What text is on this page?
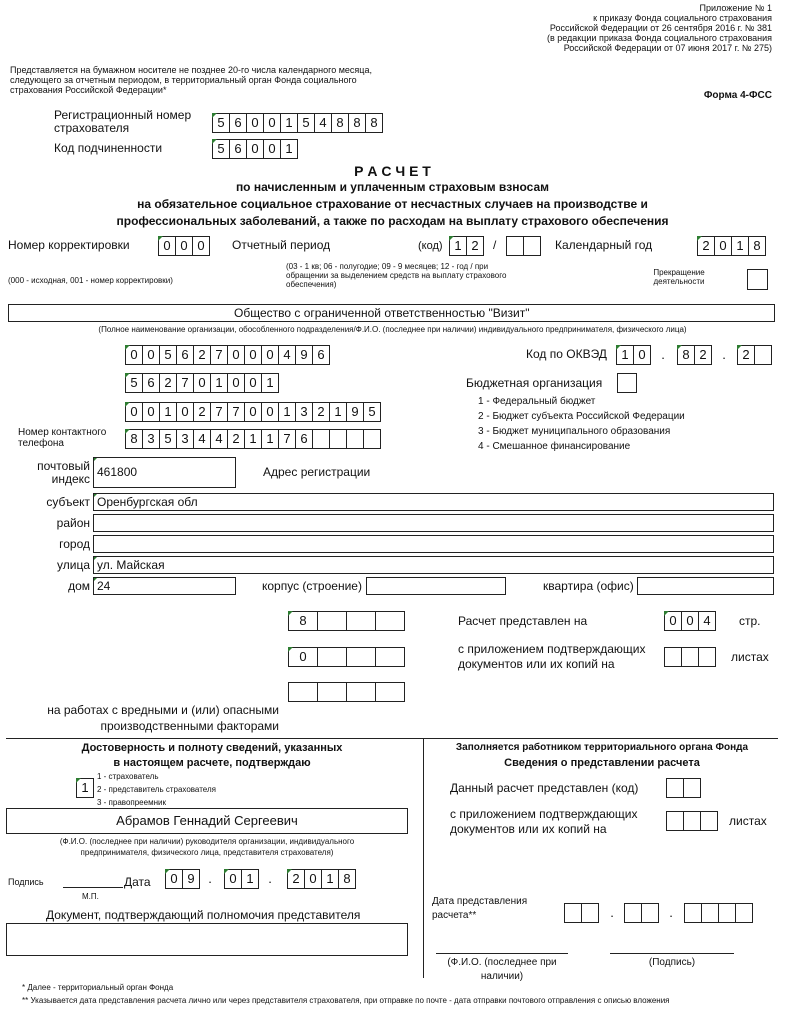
Приложение № 1
к приказу Фонда социального страхования
Российской Федерации от 26 сентября 2016 г. № 381
(в редакции приказа Фонда социального страхования
Российской Федерации от 07 июня 2017 г. № 275)
Представляется на бумажном носителе не позднее 20-го числа календарного месяца,
следующего за отчетным периодом, в территориальный орган Фонда социального
страхования Российской Федерации*	Форма 4-ФСС
Регистрационный номер
страхователя	5 6 0 0 1 5 4 8 8 8
Код подчиненности	5 6 0 0 1
Р А С Ч Е Т
по начисленным и уплаченным страховым взносам
на обязательное социальное страхование от несчастных случаев на производстве и
профессиональных заболеваний, а также по расходам на выплату страхового обеспечения
Номер корректировки	0 0 0
(000 - исходная, 001 - номер корректировки)
Отчетный период	(код) 1 2	/
(03 - 1 кв; 06 - полугодие; 09 - 9 месяцев; 12 - год / при
обращении за выделением средств на выплату страхового
обеспечения)
Календарный год	2 0 1 8
Прекращение
деятельности
Общество с ограниченной ответственностью "Визит"
(Полное наименование организации, обособленного подразделения/Ф.И.О. (последнее при наличии) индивидуального предпринимателя, физического лица)
0 0 5 6 2 7 0 0 0 4 9 6
5 6 2 7 0 1 0 0 1
0 0 1 0 2 7 7 0 0 1 3 2 1 9 5
Номер контактного
телефона	8 3 5 3 4 4 2 1 1 7 6
Код по ОКВЭД	1 0	.	8 2	.	2
Бюджетная организация
1 - Федеральный бюджет
2 - Бюджет субъекта Российской Федерации
3 - Бюджет муниципального образования
4 - Смешанное финансирование
почтовый
индекс 461800	Адрес регистрации
субъект Оренбургская обл
район
город
улица ул. Майская
дом 24	корпус (строение)	квартира (офис)
8	Расчет представлен на	0 0 4	стр.
0	с приложением подтверждающих
документов или их копий на	листах
на работах с вредными и (или) опасными
производственными факторами
Достоверность и полноту сведений, указанных
в настоящем расчете, подтверждаю
1
1 - страхователь
2 - представитель страхователя
3 - правопреемник
Абрамов Геннадий Сергеевич
(Ф.И.О. (последнее при наличии) руководителя организации, индивидуального
предпринимателя, физического лица, представителя страхователя)
Подпись
М.П.
Дата	0 9	.	0 1	.	2 0 1 8
Документ, подтверждающий полномочия представителя
Заполняется работником территориального органа Фонда
Сведения о представлении расчета
Данный расчет представлен (код)
с приложением подтверждающих
документов или их копий на
листах
Дата представления
расчета**	.	.
(Ф.И.О. (последнее при
наличии)
(Подпись)
* Далее - территориальный орган Фонда
** Указывается дата представления расчета лично или через представителя страхователя, при отправке по почте - дата отправки почтового отправления с описью вложения
